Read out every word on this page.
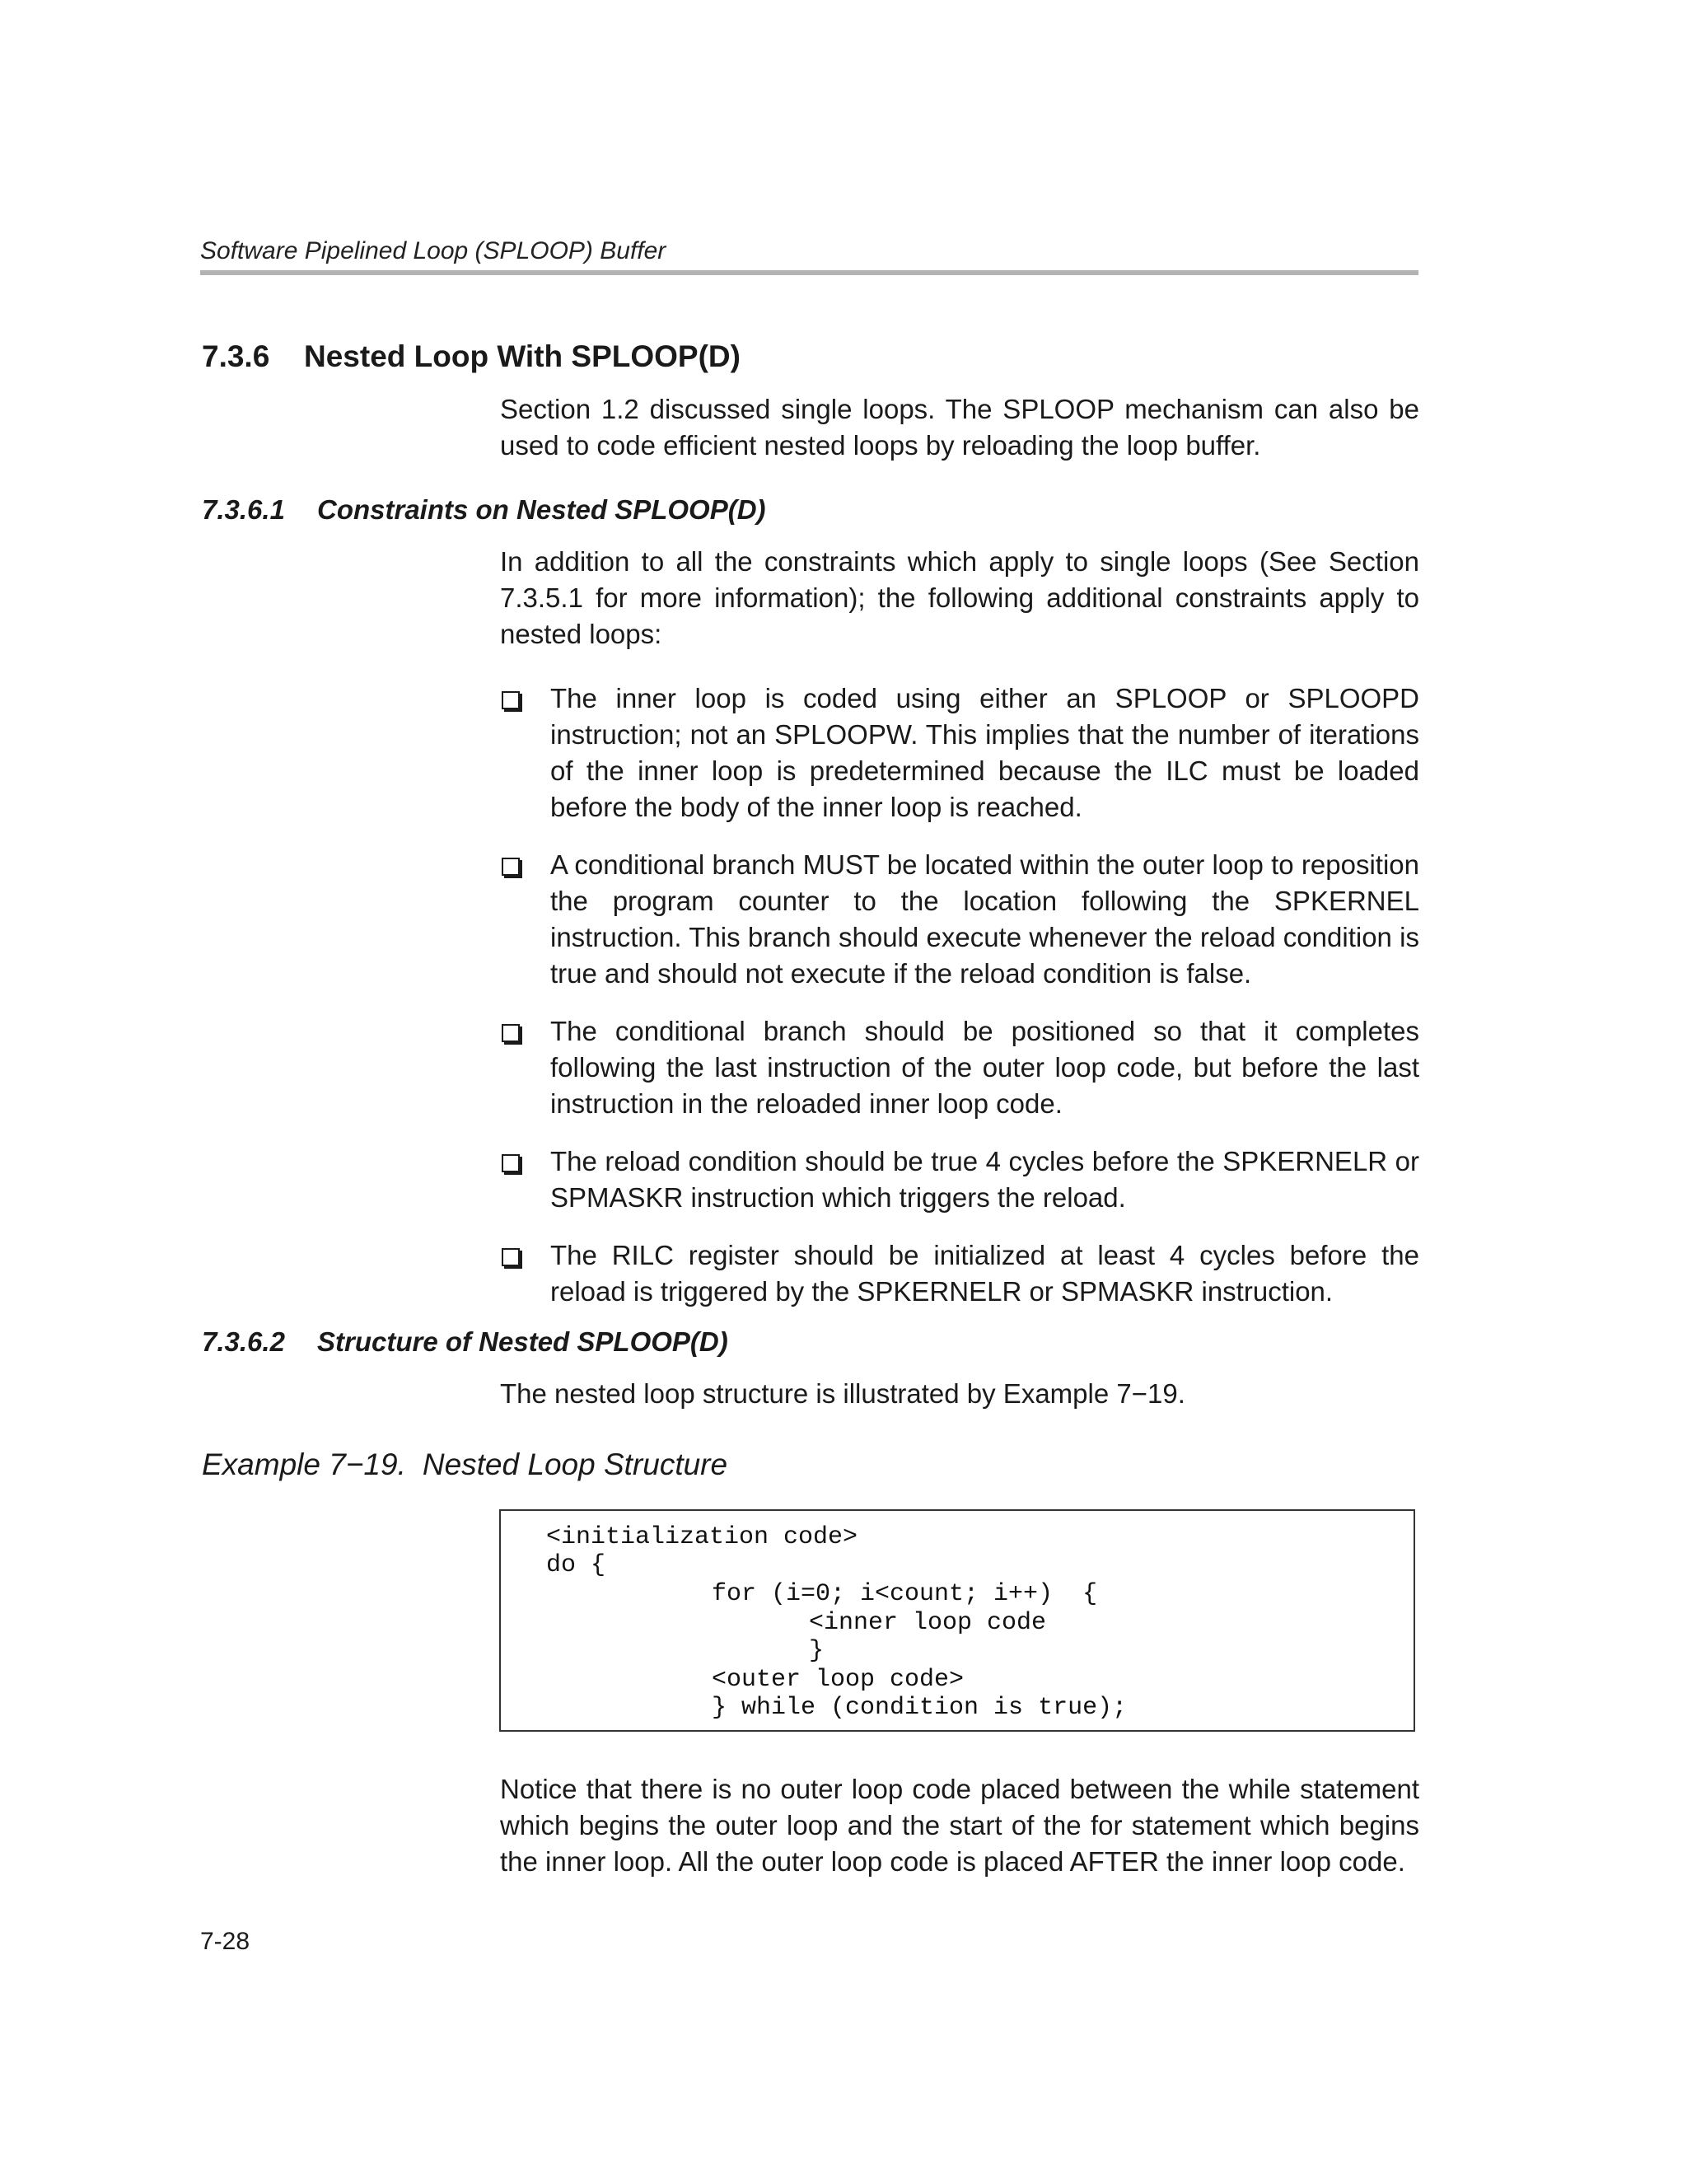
Software Pipelined Loop (SPLOOP) Buffer
7.3.6 Nested Loop With SPLOOP(D)

Section 1.2 discussed single loops. The SPLOOP mechanism can also be used to code efficient nested loops by reloading the loop buffer.

7.3.6.1 Constraints on Nested SPLOOP(D)

In addition to all the constraints which apply to single loops (See Section 7.3.5.1 for more information); the following additional constraints apply to nested loops:

The inner loop is coded using either an SPLOOP or SPLOOPD instruction; not an SPLOOPW. This implies that the number of iterations of the inner loop is predetermined because the ILC must be loaded before the body of the inner loop is reached.
A conditional branch MUST be located within the outer loop to reposition the program counter to the location following the SPKERNEL instruction. This branch should execute whenever the reload condition is true and should not execute if the reload condition is false.
The conditional branch should be positioned so that it completes following the last instruction of the outer loop code, but before the last instruction in the reloaded inner loop code.
The reload condition should be true 4 cycles before the SPKERNELR or SPMASKR instruction which triggers the reload.
The RILC register should be initialized at least 4 cycles before the reload is triggered by the SPKERNELR or SPMASKR instruction.
7.3.6.2 Structure of Nested SPLOOP(D)

The nested loop structure is illustrated by Example 7−19.

Example 7−19. Nested Loop Structure
<initialization code>
do {
for (i=0; i<count; i++)  {
<inner loop code
}
<outer loop code>
} while (condition is true);

Notice that there is no outer loop code placed between the while statement which begins the outer loop and the start of the for statement which begins the inner loop. All the outer loop code is placed AFTER the inner loop code.

7-28
